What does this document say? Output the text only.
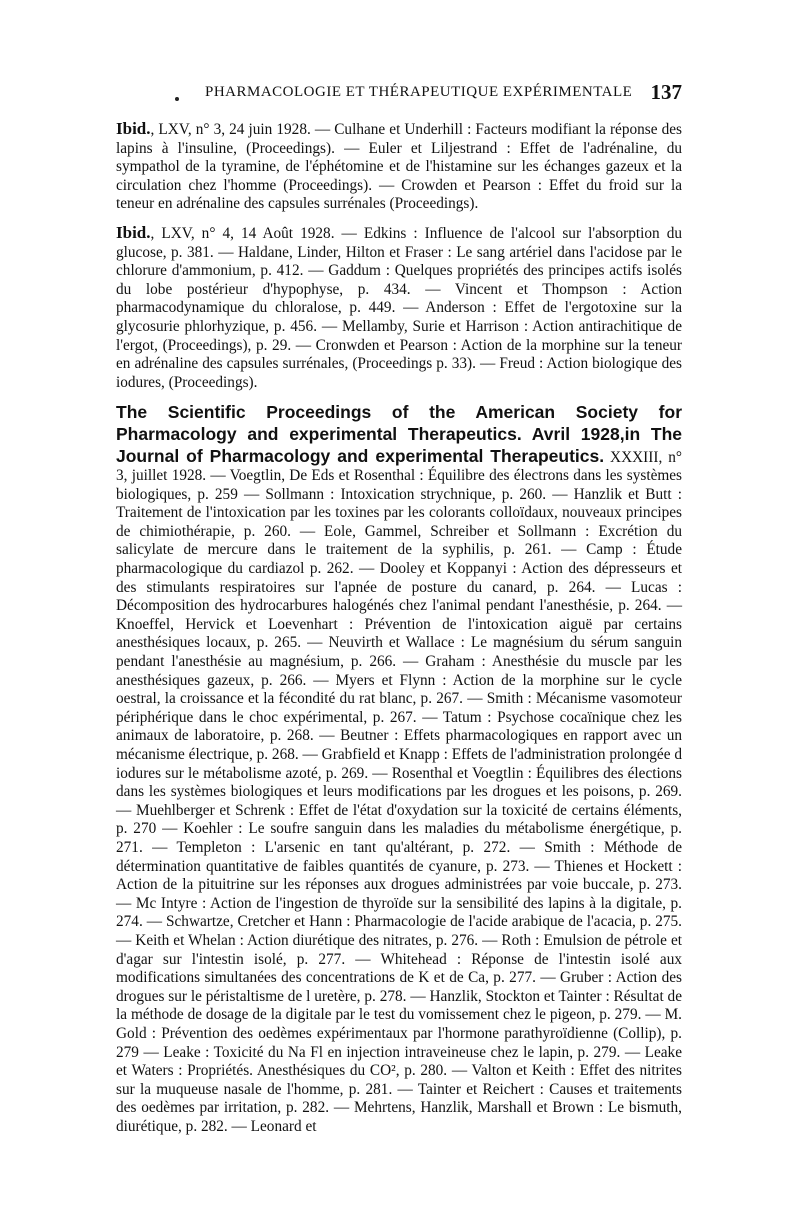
PHARMACOLOGIE ET THÉRAPEUTIQUE EXPÉRIMENTALE 137

Ibid., LXV, n° 3, 24 juin 1928. — Culhane et Underhill : Facteurs modifiant la réponse des lapins à l'insuline, (Proceedings). — Euler et Liljestrand : Effet de l'adrénaline, du sympathol de la tyramine, de l'éphétomine et de l'histamine sur les échanges gazeux et la circulation chez l'homme (Proceedings). — Crowden et Pearson : Effet du froid sur la teneur en adrénaline des capsules surrénales (Proceedings).

Ibid., LXV, n° 4, 14 Août 1928. — Edkins : Influence de l'alcool sur l'absorption du glucose, p. 381. — Haldane, Linder, Hilton et Fraser : Le sang artériel dans l'acidose par le chlorure d'ammonium, p. 412. — Gaddum : Quelques propriétés des principes actifs isolés du lobe postérieur d'hypophyse, p. 434. — Vincent et Thompson : Action pharmacodynamique du chloralose, p. 449. — Anderson : Effet de l'ergotoxine sur la glycosurie phlorhyzique, p. 456. — Mellamby, Surie et Harrison : Action antirachitique de l'ergot, (Proceedings), p. 29. — Cronwden et Pearson : Action de la morphine sur la teneur en adrénaline des capsules surrénales, (Proceedings p. 33). — Freud : Action biologique des iodures, (Proceedings).

The Scientific Proceedings of the American Society for Pharmacology and experimental Therapeutics. Avril 1928,in The Journal of Pharmacology and experimental Therapeutics. XXXIII, n° 3, juillet 1928. — Voegtlin, De Eds et Rosenthal : Équilibre des électrons dans les systèmes biologiques, p. 259 — Sollmann : Intoxication strychnique, p. 260. — Hanzlik et Butt : Traitement de l'intoxication par les toxines par les colorants colloïdaux, nouveaux principes de chimiothérapie, p. 260. — Eole, Gammel, Schreiber et Sollmann : Excrétion du salicylate de mercure dans le traitement de la syphilis, p. 261. — Camp : Étude pharmacologique du cardiazol p. 262. — Dooley et Koppanyi : Action des dépresseurs et des stimulants respiratoires sur l'apnée de posture du canard, p. 264. — Lucas : Décomposition des hydrocarbures halogénés chez l'animal pendant l'anesthésie, p. 264. — Knoeffel, Hervick et Loevenhart : Prévention de l'intoxication aiguë par certains anesthésiques locaux, p. 265. — Neuvirth et Wallace : Le magnésium du sérum sanguin pendant l'anesthésie au magnésium, p. 266. — Graham : Anesthésie du muscle par les anesthésiques gazeux, p. 266. — Myers et Flynn : Action de la morphine sur le cycle oestral, la croissance et la fécondité du rat blanc, p. 267. — Smith : Mécanisme vasomoteur périphérique dans le choc expérimental, p. 267. — Tatum : Psychose cocaïnique chez les animaux de laboratoire, p. 268. — Beutner : Effets pharmacologiques en rapport avec un mécanisme électrique, p. 268. — Grabfield et Knapp : Effets de l'administration prolongée d iodures sur le métabolisme azoté, p. 269. — Rosenthal et Voegtlin : Équilibres des élections dans les systèmes biologiques et leurs modifications par les drogues et les poisons, p. 269. — Muehlberger et Schrenk : Effet de l'état d'oxydation sur la toxicité de certains éléments, p. 270 — Koehler : Le soufre sanguin dans les maladies du métabolisme énergétique, p. 271. — Templeton : L'arsenic en tant qu'altérant, p. 272. — Smith : Méthode de détermination quantitative de faibles quantités de cyanure, p. 273. — Thienes et Hockett : Action de la pituitrine sur les réponses aux drogues administrées par voie buccale, p. 273. — Mc Intyre : Action de l'ingestion de thyroïde sur la sensibilité des lapins à la digitale, p. 274. — Schwartze, Cretcher et Hann : Pharmacologie de l'acide arabique de l'acacia, p. 275. — Keith et Whelan : Action diurétique des nitrates, p. 276. — Roth : Emulsion de pétrole et d'agar sur l'intestin isolé, p. 277. — Whitehead : Réponse de l'intestin isolé aux modifications simultanées des concentrations de K et de Ca, p. 277. — Gruber : Action des drogues sur le péristaltisme de l uretère, p. 278. — Hanzlik, Stockton et Tainter : Résultat de la méthode de dosage de la digitale par le test du vomissement chez le pigeon, p. 279. — M. Gold : Prévention des oedèmes expérimentaux par l'hormone parathyroïdienne (Collip), p. 279 — Leake : Toxicité du Na Fl en injection intraveineuse chez le lapin, p. 279. — Leake et Waters : Propriétés. Anesthésiques du CO², p. 280. — Valton et Keith : Effet des nitrites sur la muqueuse nasale de l'homme, p. 281. — Tainter et Reichert : Causes et traitements des oedèmes par irritation, p. 282. — Mehrtens, Hanzlik, Marshall et Brown : Le bismuth, diurétique, p. 282. — Leonard et
